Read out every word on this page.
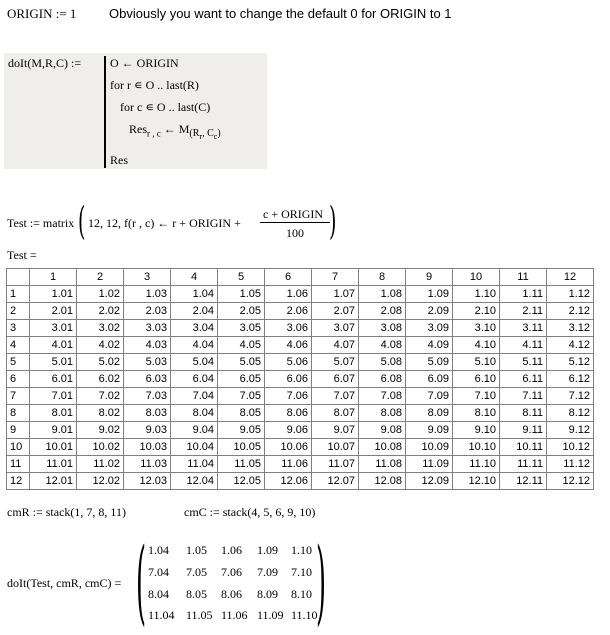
ORIGIN := 1	Obviously you want to change the default 0 for ORIGIN to 1
doIt(M,R,C) := O ← ORIGIN
for r ∊ O .. last(R)
for c ∊ O .. last(C)
Res$_{r , c}$ ← $M_{(R_r, C_c)}$
Res
Test := matrix ( 12, 12, f(r , c) ← r + ORIGIN +
c + ORIGIN
100 )
Test =
	1	2	3	4	5	6	7	8	9	10	11	12
1	1.01	1.02	1.03	1.04	1.05	1.06	1.07	1.08	1.09	1.10	1.11	1.12
2	2.01	2.02	2.03	2.04	2.05	2.06	2.07	2.08	2.09	2.10	2.11	2.12
3	3.01	3.02	3.03	3.04	3.05	3.06	3.07	3.08	3.09	3.10	3.11	3.12
4	4.01	4.02	4.03	4.04	4.05	4.06	4.07	4.08	4.09	4.10	4.11	4.12
5	5.01	5.02	5.03	5.04	5.05	5.06	5.07	5.08	5.09	5.10	5.11	5.12
6	6.01	6.02	6.03	6.04	6.05	6.06	6.07	6.08	6.09	6.10	6.11	6.12
7	7.01	7.02	7.03	7.04	7.05	7.06	7.07	7.08	7.09	7.10	7.11	7.12
8	8.01	8.02	8.03	8.04	8.05	8.06	8.07	8.08	8.09	8.10	8.11	8.12
9	9.01	9.02	9.03	9.04	9.05	9.06	9.07	9.08	9.09	9.10	9.11	9.12
10	10.01	10.02	10.03	10.04	10.05	10.06	10.07	10.08	10.09	10.10	10.11	10.12
11	11.01	11.02	11.03	11.04	11.05	11.06	11.07	11.08	11.09	11.10	11.11	11.12
12	12.01	12.02	12.03	12.04	12.05	12.06	12.07	12.08	12.09	12.10	12.11	12.12
cmR := stack(1, 7, 8, 11)	cmC := stack(4, 5, 6, 9, 10)
doIt(Test, cmR, cmC) = ( )
1.04 1.05 1.06 1.09 1.10
7.04 7.05 7.06 7.09 7.10
8.04 8.05 8.06 8.09 8.10
11.04 11.05 11.06 11.09 11.10
